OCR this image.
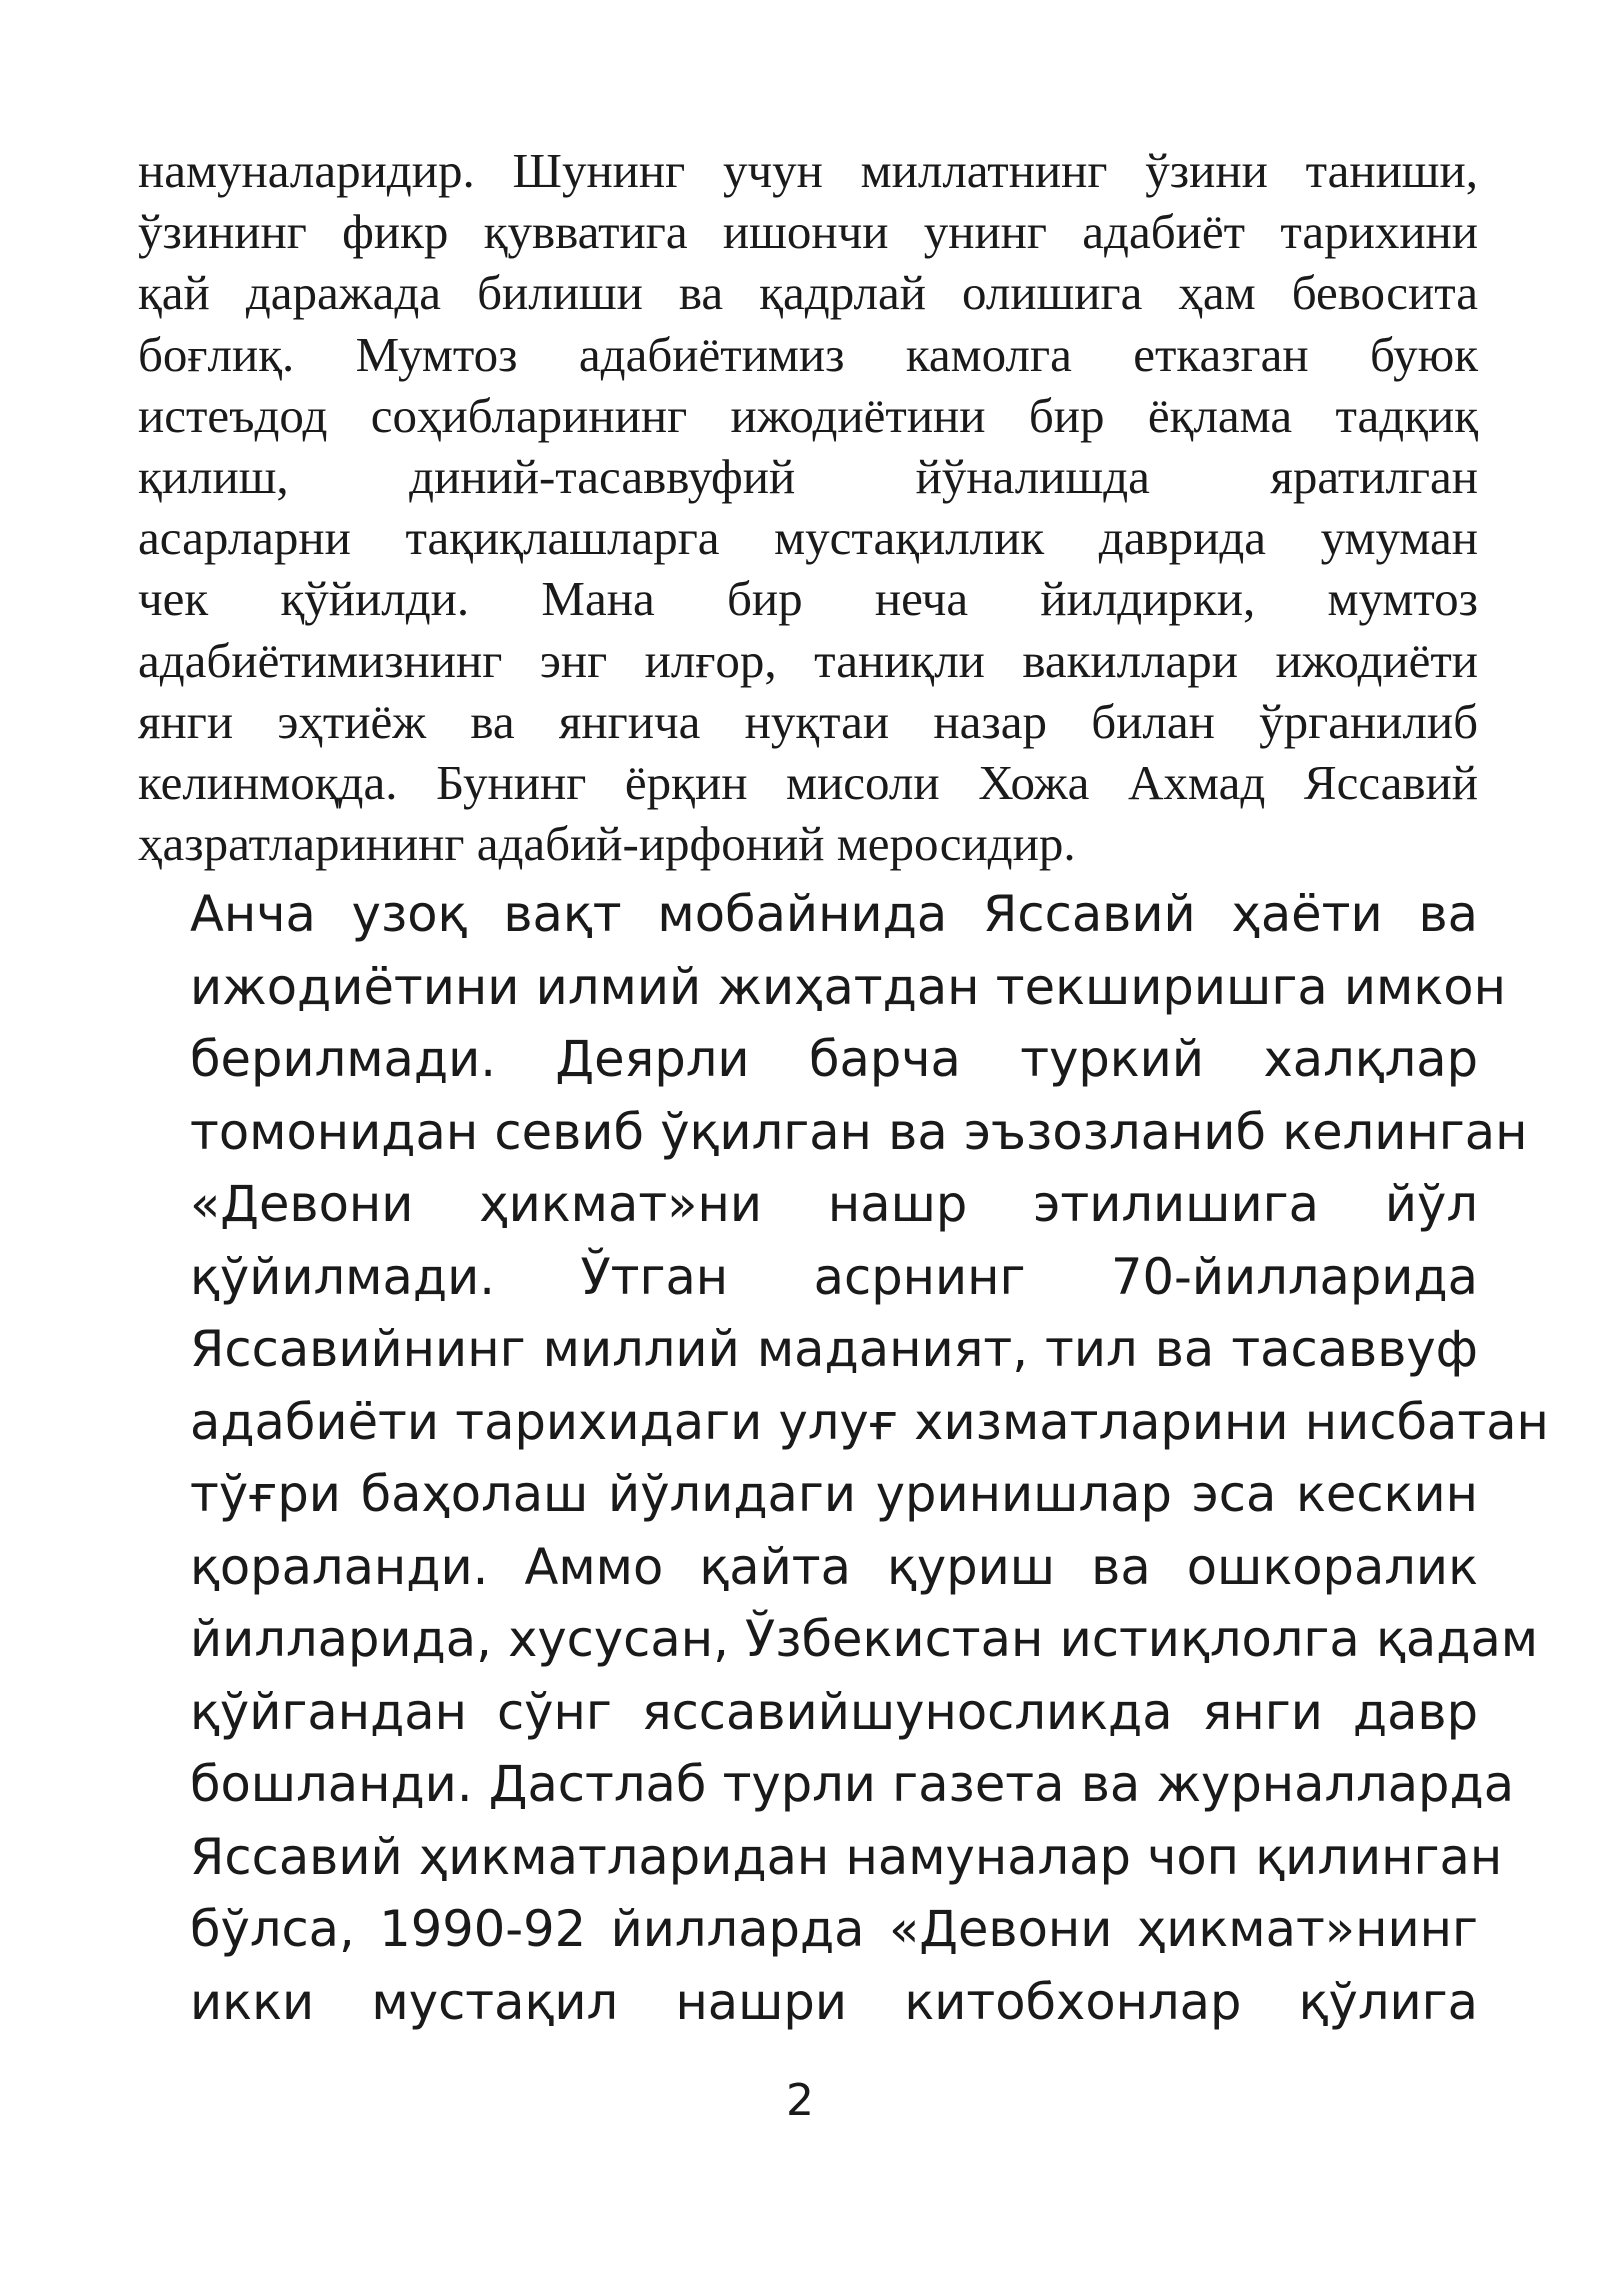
намуналаридир. Шунинг учун миллатнинг ўзини таниши,
ўзининг фикр қувватига ишончи унинг адабиёт тарихини
қай даражада билиши ва қадрлай олишига ҳам бевосита
боғлиқ. Мумтоз адабиётимиз камолга етказган буюк
истеъдод соҳибларининг ижодиётини бир ёқлама тадқиқ
қилиш, диний-тасаввуфий йўналишда яратилган
асарларни тақиқлашларга мустақиллик даврида умуман
чек қўйилди. Мана бир неча йилдирки, мумтоз
адабиётимизнинг энг илғор, таниқли вакиллари ижодиёти
янги эҳтиёж ва янгича нуқтаи назар билан ўрганилиб
келинмоқда. Бунинг ёрқин мисоли Хожа Ахмад Яссавий
ҳазратларининг адабий-ирфоний меросидир.

Анча узоқ вақт мобайнида Яссавий ҳаёти ва
ижодиётини илмий жиҳатдан текширишга имкон
берилмади. Деярли барча туркий халқлар
томонидан севиб ўқилган ва эъзозланиб келинган
«Девони ҳикмат»ни нашр этилишига йўл
қўйилмади. Ўтган асрнинг 70-йилларида
Яссавийнинг миллий маданият, тил ва тасаввуф
адабиёти тарихидаги улуғ хизматларини нисбатан
тўғри баҳолаш йўлидаги уринишлар эса кескин
қораланди. Аммо қайта қуриш ва ошкоралик
йилларида, хусусан, Ўзбекистан истиқлолга қадам
қўйгандан сўнг яссавийшуносликда янги давр
бошланди. Дастлаб турли газета ва журналларда
Яссавий ҳикматларидан намуналар чоп қилинган
бўлса, 1990-92 йилларда «Девони ҳикмат»нинг
икки мустақил нашри китобхонлар қўлига

2
